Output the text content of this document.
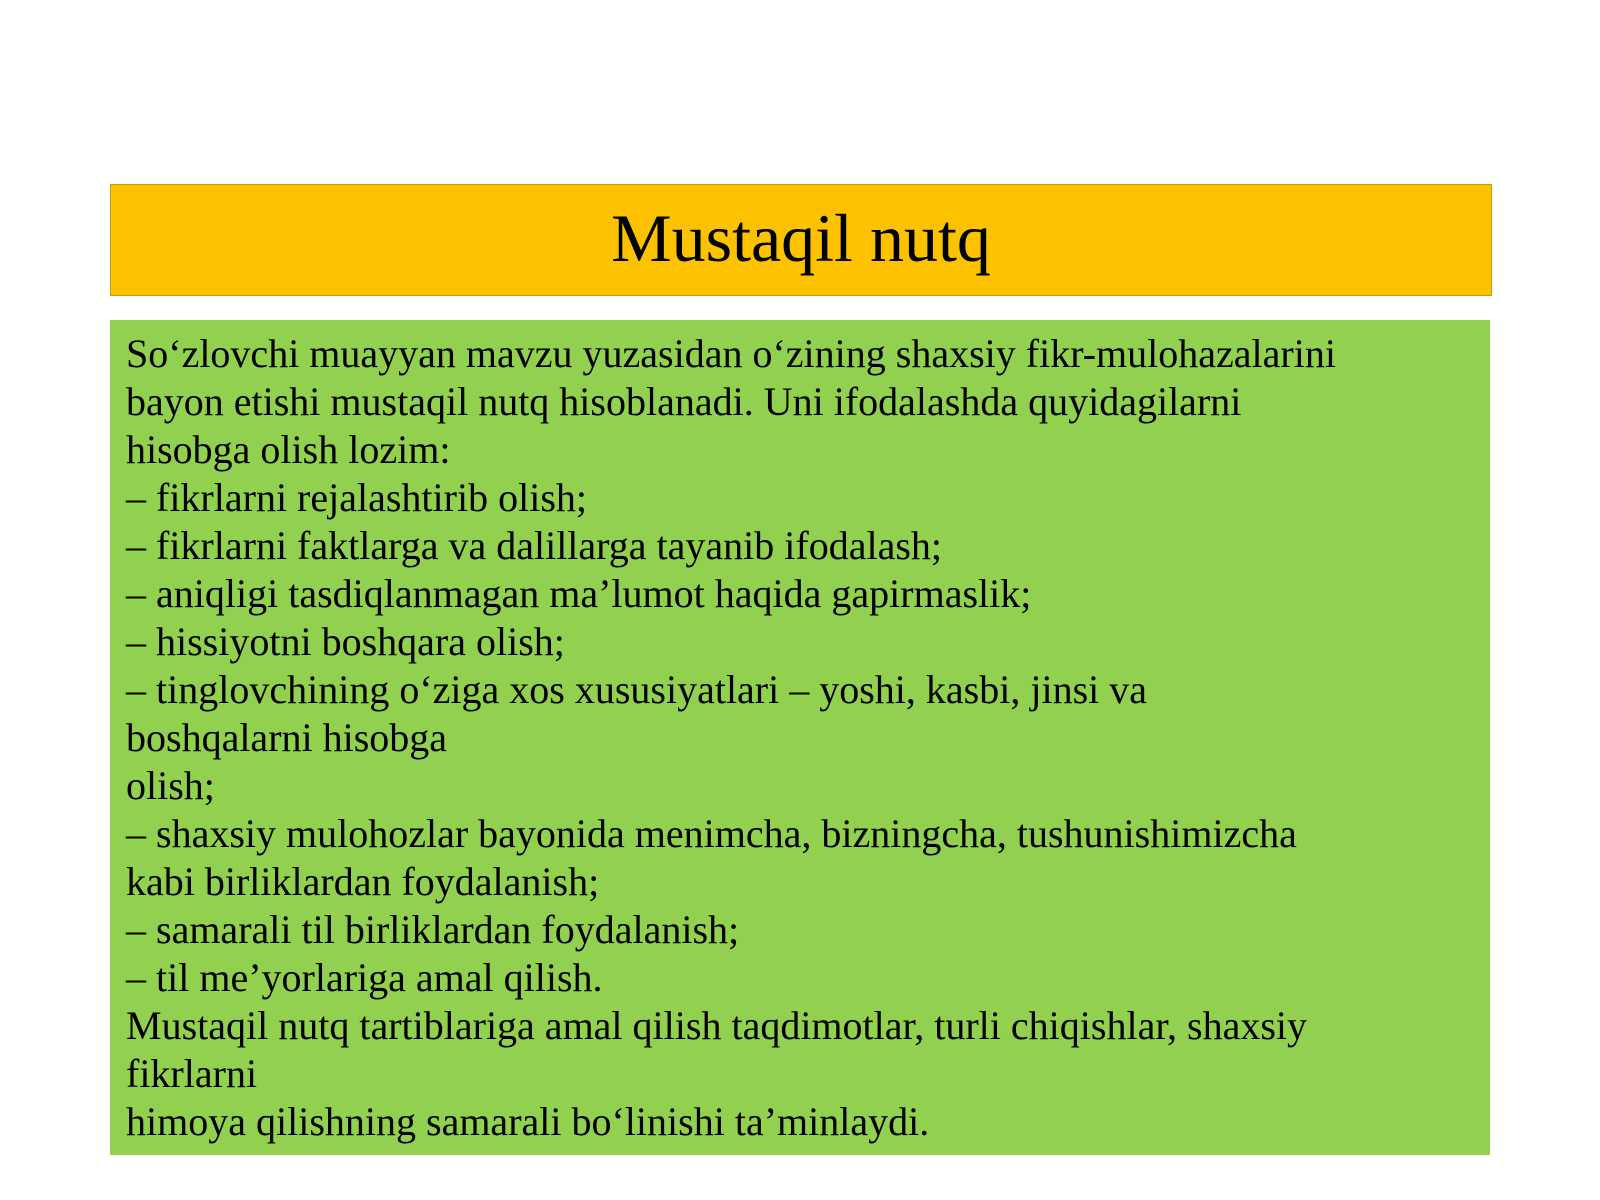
Mustaqil nutq
So‘zlovchi muayyan mavzu yuzasidan o‘zining shaxsiy fikr-mulohazalarini
bayon etishi mustaqil nutq hisoblanadi. Uni ifodalashda quyidagilarni
hisobga olish lozim:
– fikrlarni rejalashtirib olish;
– fikrlarni faktlarga va dalillarga tayanib ifodalash;
– aniqligi tasdiqlanmagan ma’lumot haqida gapirmaslik;
– hissiyotni boshqara olish;
– tinglovchining o‘ziga xos xususiyatlari – yoshi, kasbi, jinsi va
boshqalarni hisobga
olish;
– shaxsiy mulohozlar bayonida menimcha, bizningcha, tushunishimizcha
kabi birliklardan foydalanish;
– samarali til birliklardan foydalanish;
– til me’yorlariga amal qilish.
Mustaqil nutq tartiblariga amal qilish taqdimotlar, turli chiqishlar, shaxsiy
fikrlarni
himoya qilishning samarali bo‘linishi ta’minlaydi.
